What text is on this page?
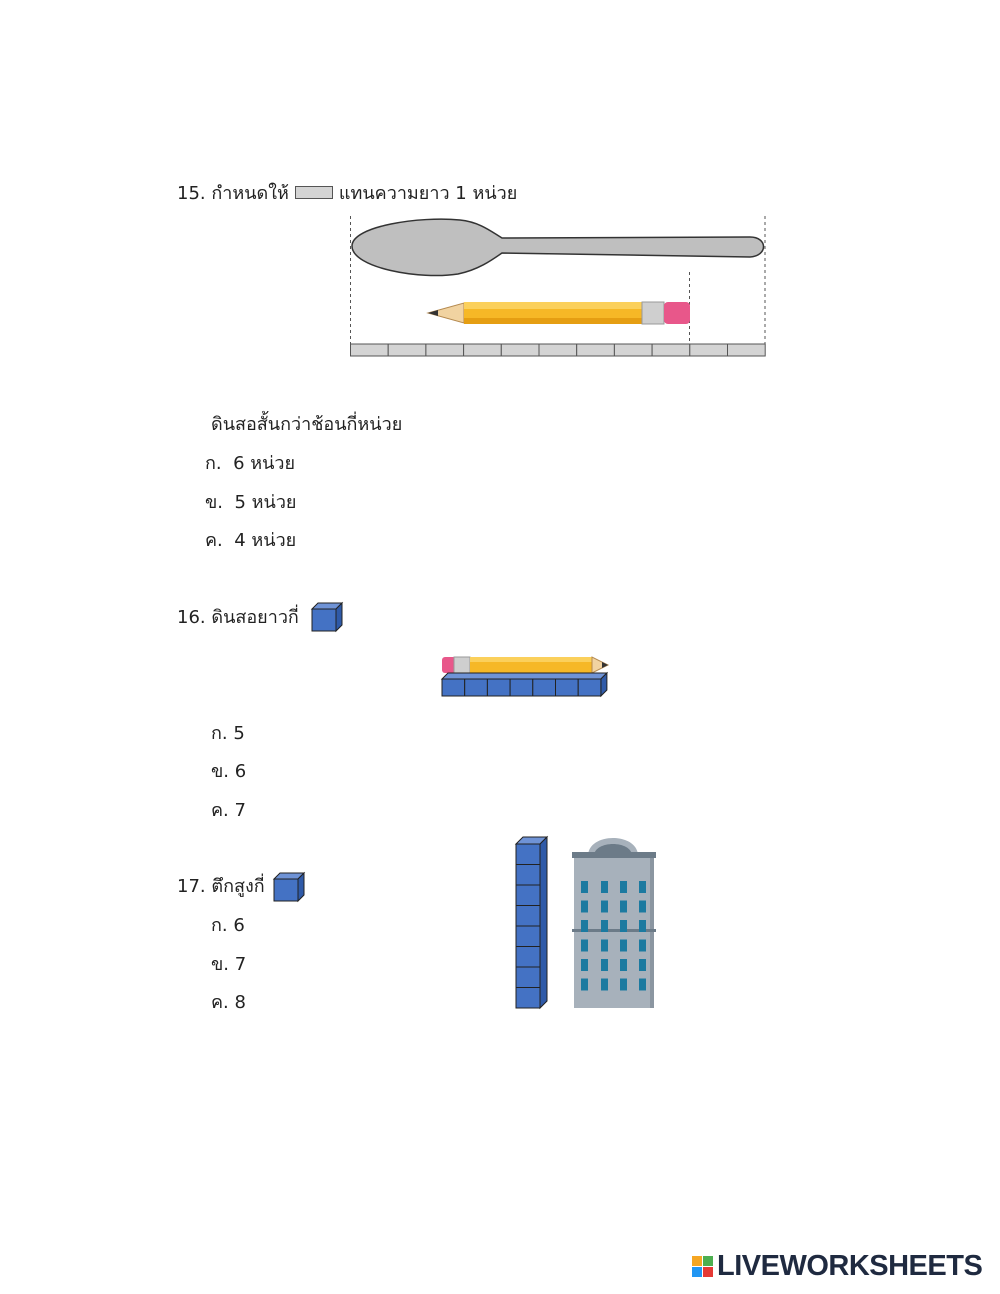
15. กำหนดให้	แทนความยาว 1 หน่วย
ดินสอสั้นกว่าช้อนกี่หน่วย
ก. 6 หน่วย
ข. 5 หน่วย
ค. 4 หน่วย
16. ดินสอยาวกี่
ก. 5
ข. 6
ค. 7
17. ตึกสูงกี่
ก. 6
ข. 7
ค. 8
LIVEWORKSHEETS
